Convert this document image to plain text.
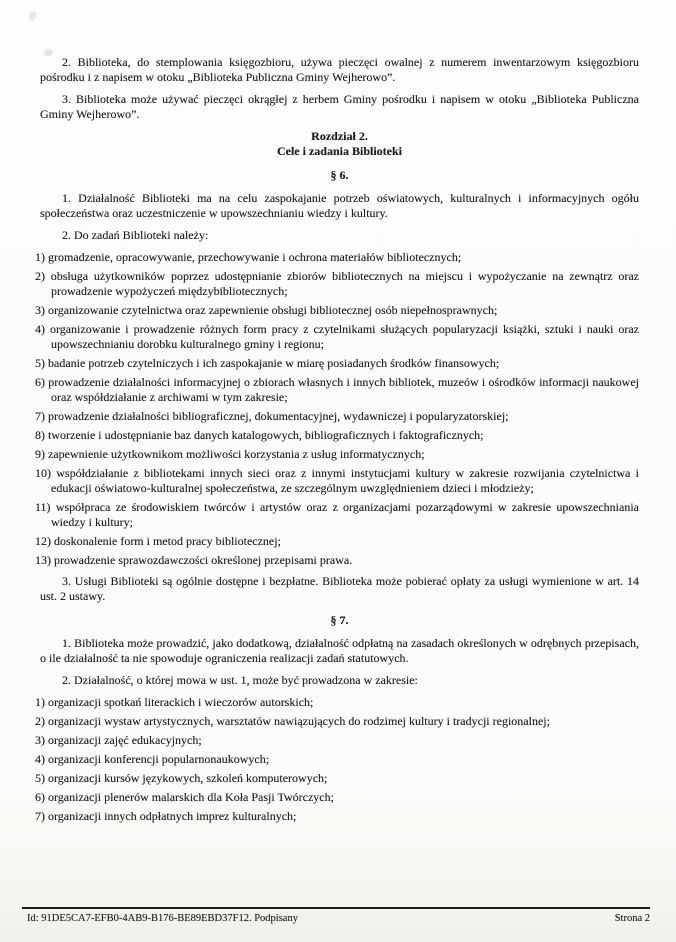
2. Biblioteka, do stemplowania księgozbioru, używa pieczęci owalnej z numerem inwentarzowym księgozbioru pośrodku i z napisem w otoku „Biblioteka Publiczna Gminy Wejherowo”.

3. Biblioteka może używać pieczęci okrągłej z herbem Gminy pośrodku i napisem w otoku „Biblioteka Publiczna Gminy Wejherowo”.

Rozdział 2.
Cele i zadania Biblioteki
§ 6.

1. Działalność Biblioteki ma na celu zaspokajanie potrzeb oświatowych, kulturalnych i informacyjnych ogółu społeczeństwa oraz uczestniczenie w upowszechnianiu wiedzy i kultury.

2. Do zadań Biblioteki należy:

1) gromadzenie, opracowywanie, przechowywanie i ochrona materiałów bibliotecznych;

2) obsługa użytkowników poprzez udostępnianie zbiorów bibliotecznych na miejscu i wypożyczanie na zewnątrz oraz prowadzenie wypożyczeń międzybibliotecznych;

3) organizowanie czytelnictwa oraz zapewnienie obsługi bibliotecznej osób niepełnosprawnych;

4) organizowanie i prowadzenie różnych form pracy z czytelnikami służących popularyzacji książki, sztuki i nauki oraz upowszechnianiu dorobku kulturalnego gminy i regionu;

5) badanie potrzeb czytelniczych i ich zaspokajanie w miarę posiadanych środków finansowych;

6) prowadzenie działalności informacyjnej o zbiorach własnych i innych bibliotek, muzeów i ośrodków informacji naukowej oraz współdziałanie z archiwami w tym zakresie;

7) prowadzenie działalności bibliograficznej, dokumentacyjnej, wydawniczej i popularyzatorskiej;

8) tworzenie i udostępnianie baz danych katalogowych, bibliograficznych i faktograficznych;

9) zapewnienie użytkownikom możliwości korzystania z usług informatycznych;

10) współdziałanie z bibliotekami innych sieci oraz z innymi instytucjami kultury w zakresie rozwijania czytelnictwa i edukacji oświatowo-kulturalnej społeczeństwa, ze szczególnym uwzględnieniem dzieci i młodzieży;

11) współpraca ze środowiskiem twórców i artystów oraz z organizacjami pozarządowymi w zakresie upowszechniania wiedzy i kultury;

12) doskonalenie form i metod pracy bibliotecznej;

13) prowadzenie sprawozdawczości określonej przepisami prawa.

3. Usługi Biblioteki są ogólnie dostępne i bezpłatne. Biblioteka może pobierać opłaty za usługi wymienione w art. 14 ust. 2 ustawy.

§ 7.

1. Biblioteka może prowadzić, jako dodatkową, działalność odpłatną na zasadach określonych w odrębnych przepisach, o ile działalność ta nie spowoduje ograniczenia realizacji zadań statutowych.

2. Działalność, o której mowa w ust. 1, może być prowadzona w zakresie:

1) organizacji spotkań literackich i wieczorów autorskich;

2) organizacji wystaw artystycznych, warsztatów nawiązujących do rodzimej kultury i tradycji regionalnej;

3) organizacji zajęć edukacyjnych;

4) organizacji konferencji popularnonaukowych;

5) organizacji kursów językowych, szkoleń komputerowych;

6) organizacji plenerów malarskich dla Koła Pasji Twórczych;

7) organizacji innych odpłatnych imprez kulturalnych;

Id: 91DE5CA7-EFB0-4AB9-B176-BE89EBD37F12. Podpisany	Strona 2
